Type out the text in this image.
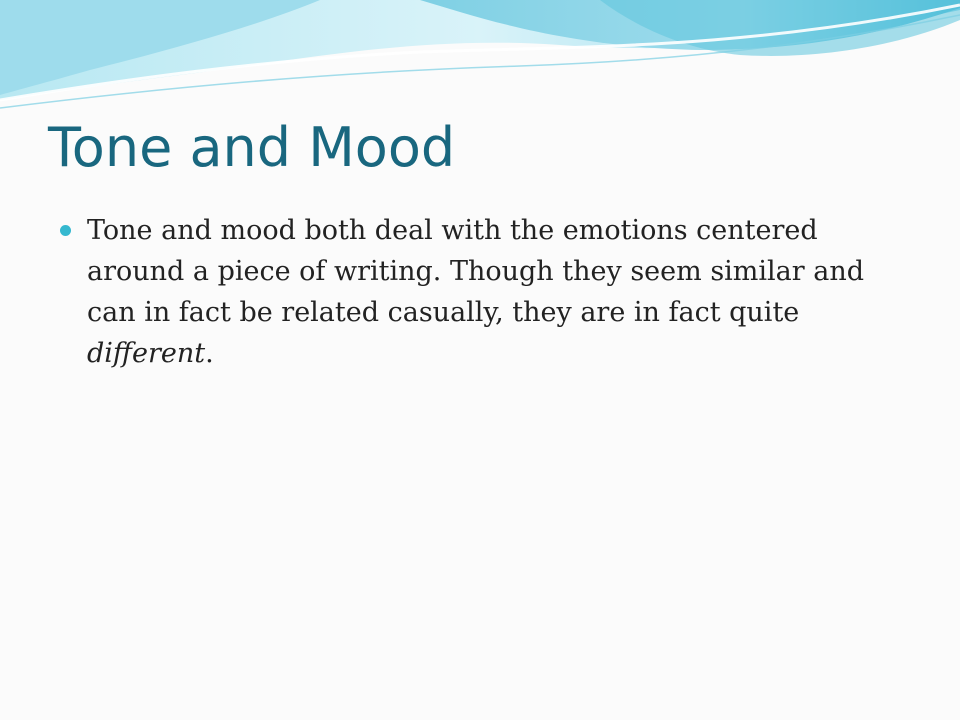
Tone and Mood
Tone and mood both deal with the emotions centered around a piece of writing. Though they seem similar and can in fact be related casually, they are in fact quite different.
